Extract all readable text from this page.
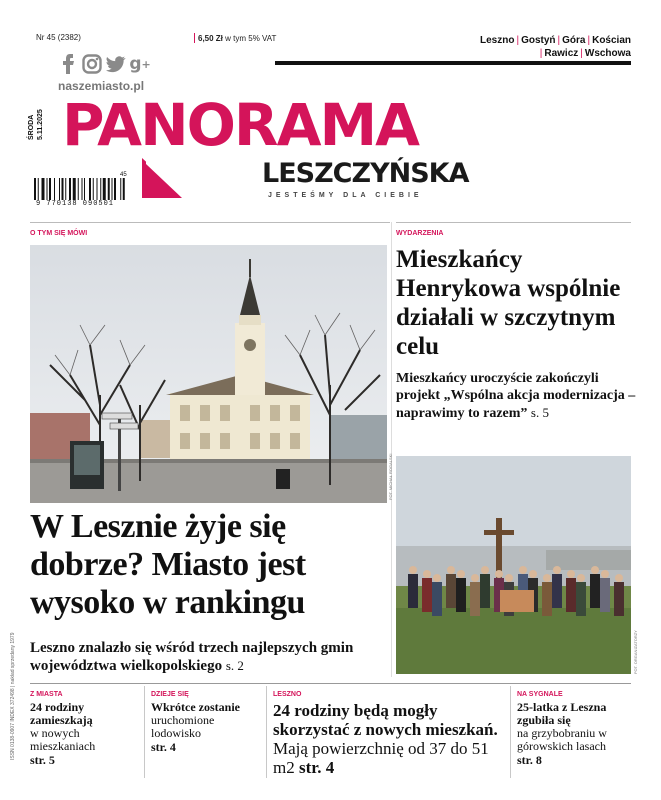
Nr 45 (2382)	6,50 Zł w tym 5% VAT	Leszno | Gostyń | Góra | Kościan
| Rawicz | Wschowa
g +
naszemiasto.pl
ŚRODA 5.11.2025 PANORAMA
LESZCZYŃSKA
JESTEŚMY DLA CIEBIE
45
9 770138 090501
O TYM SIĘ MÓWI	WYDARZENIA
FOT. MICHAŁ ROGALSKI
W Lesznie żyje się dobrze? Miasto jest wysoko w rankingu

Leszno znalazło się wśród trzech najlepszych gmin województwa wielkopolskiego s. 2

Mieszkańcy Henrykowa wspólnie działali w szczytnym celu

Mieszkańcy uroczyście zakończyli projekt „Wspólna akcja modernizacja – naprawimy to razem” s. 5

FOT. ORGANIZATORZY
Z MIASTA
24 rodziny zamieszkają
w nowych mieszkaniach
str. 5
DZIEJE SIĘ
Wkrótce zostanie
uruchomione lodowisko
str. 4
LESZNO
24 rodziny będą mogły skorzystać z nowych mieszkań. Mają powierzchnię od 37 do 51 m2 str. 4
NA SYGNALE
25-latka z Leszna zgubiła się
na grzybobraniu w górowskich lasach
str. 8
ISSN 0138-0907 INDEX 372498 | nakład sprzedany 1979
